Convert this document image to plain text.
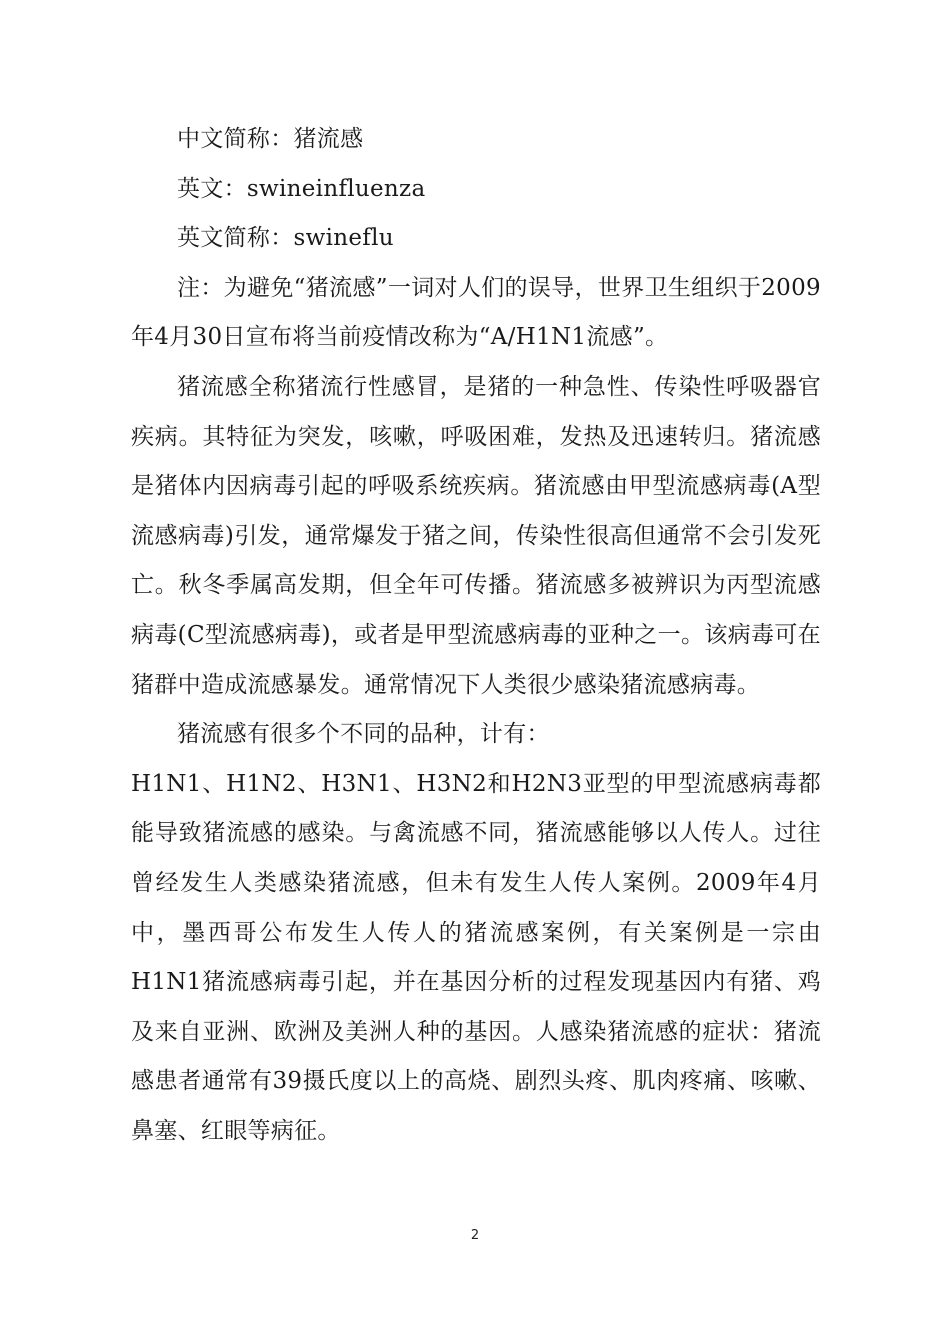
中文简称：猪流感

英文：swineinfluenza

英文简称：swineflu

注：为避免“猪流感”一词对人们的误导，世界卫生组织于2009年4月30日宣布将当前疫情改称为“A/H1N1流感”。

猪流感全称猪流行性感冒，是猪的一种急性、传染性呼吸器官疾病。其特征为突发，咳嗽，呼吸困难，发热及迅速转归。猪流感是猪体内因病毒引起的呼吸系统疾病。猪流感由甲型流感病毒(A型流感病毒)引发，通常爆发于猪之间，传染性很高但通常不会引发死亡。秋冬季属高发期，但全年可传播。猪流感多被辨识为丙型流感病毒(C型流感病毒)，或者是甲型流感病毒的亚种之一。该病毒可在猪群中造成流感暴发。通常情况下人类很少感染猪流感病毒。

猪流感有很多个不同的品种，计有：

H1N1、H1N2、H3N1、H3N2和H2N3亚型的甲型流感病毒都能导致猪流感的感染。与禽流感不同，猪流感能够以人传人。过往曾经发生人类感染猪流感，但未有发生人传人案例。2009年4月中，墨西哥公布发生人传人的猪流感案例，有关案例是一宗由H1N1猪流感病毒引起，并在基因分析的过程发现基因内有猪、鸡及来自亚洲、欧洲及美洲人种的基因。人感染猪流感的症状：猪流感患者通常有39摄氏度以上的高烧、剧烈头疼、肌肉疼痛、咳嗽、鼻塞、红眼等病征。

2
